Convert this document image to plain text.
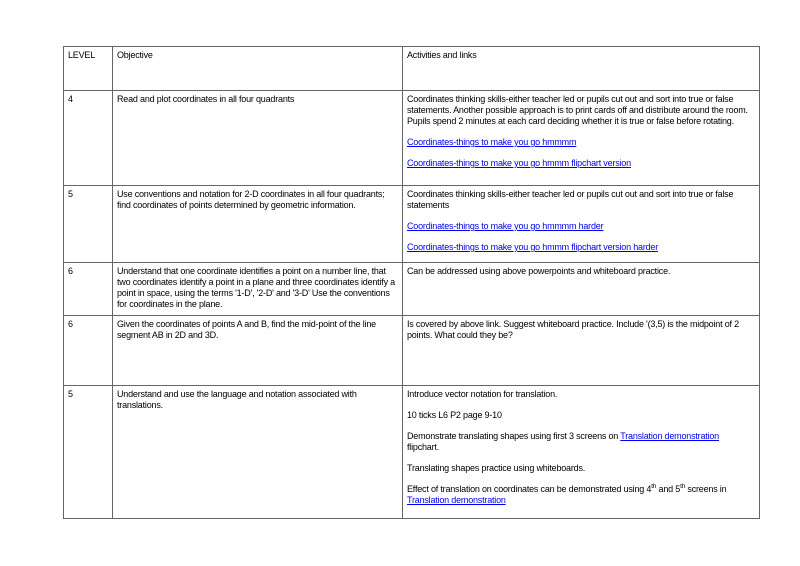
LEVEL	Objective	Activities and links
4	Read and plot coordinates in all four quadrants	Coordinates thinking skills-either teacher led or pupils cut out and sort into true or false statements. Another possible approach is to print cards off and distribute around the room. Pupils spend 2 minutes at each card deciding whether it is true or false before rotating.

Coordinates-things to make you go hmmmm

Coordinates-things to make you go hmmm flipchart version

5	Use conventions and notation for 2-D coordinates in all four quadrants; find coordinates of points determined by geometric information.	Coordinates thinking skills-either teacher led or pupils cut out and sort into true or false statements

Coordinates-things to make you go hmmmm harder

Coordinates-things to make you go hmmm flipchart version harder

6	Understand that one coordinate identifies a point on a number line, that two coordinates identify a point in a plane and three coordinates identify a point in space, using the terms '1-D', '2-D' and '3-D' Use the conventions for coordinates in the plane.	Can be addressed using above powerpoints and whiteboard practice.

6	Given the coordinates of points A and B, find the mid-point of the line segment AB in 2D and 3D.	Is covered by above link. Suggest whiteboard practice. Include '(3,5) is the midpoint of 2 points. What could they be?

5	Understand and use the language and notation associated with translations.	Introduce vector notation for translation.

10 ticks L6 P2 page 9-10

Demonstrate translating shapes using first 3 screens on Translation demonstration flipchart.

Translating shapes practice using whiteboards.

Effect of translation on coordinates can be demonstrated using 4th and 5th screens in Translation demonstration
